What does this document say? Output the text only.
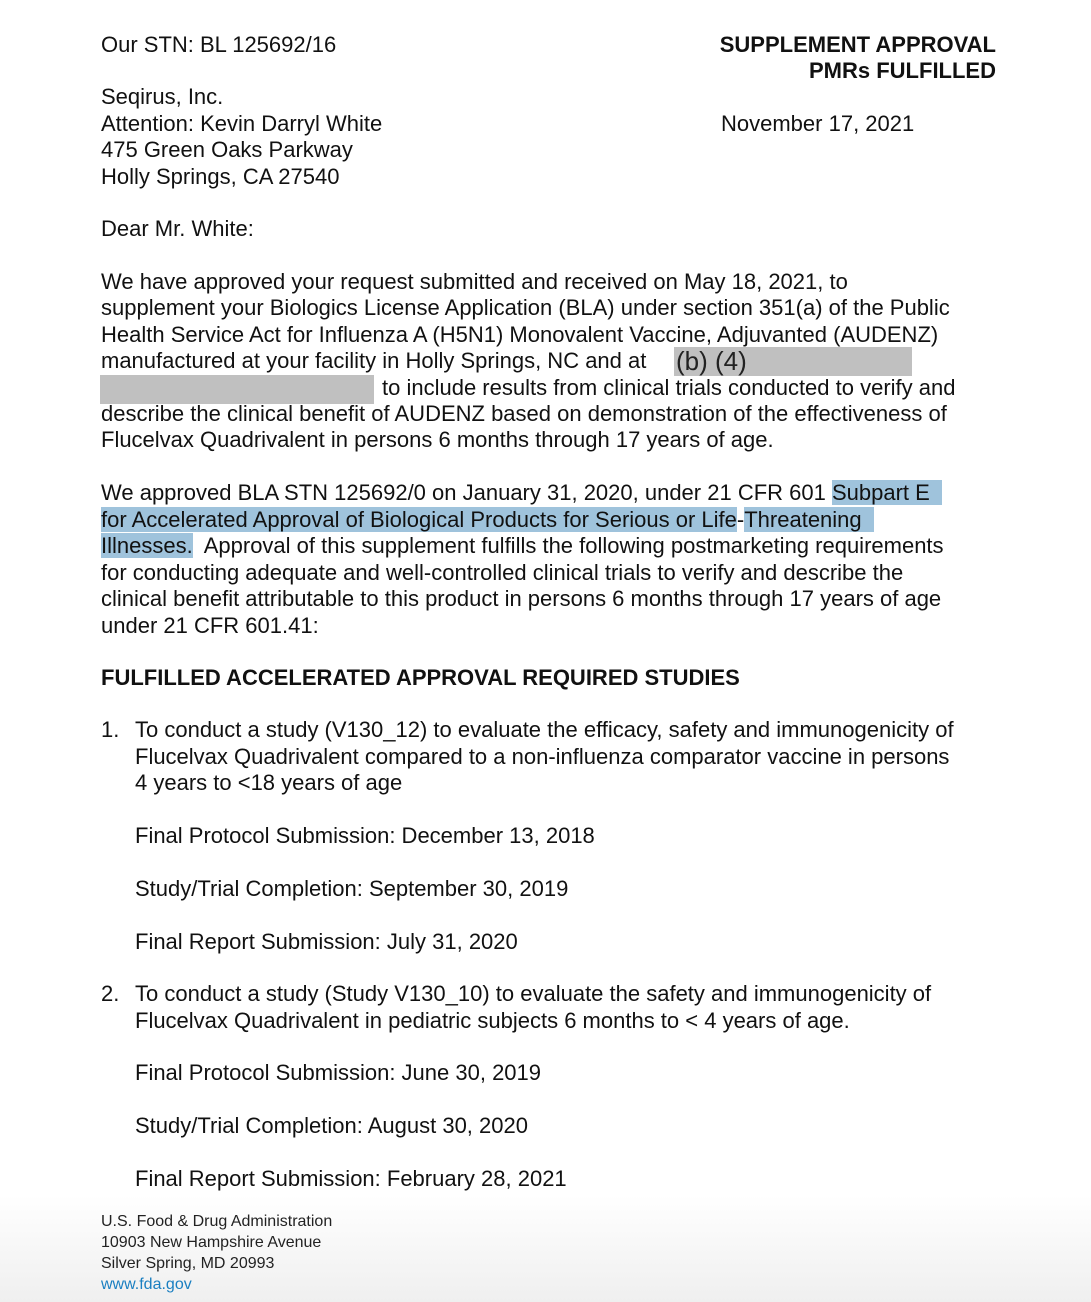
Our STN: BL 125692/16	SUPPLEMENT APPROVAL
PMRs FULFILLED
November 17, 2021
Seqirus, Inc.
Attention: Kevin Darryl White
475 Green Oaks Parkway
Holly Springs, CA 27540
Dear Mr. White:
We have approved your request submitted and received on May 18, 2021, to
supplement your Biologics License Application (BLA) under section 351(a) of the Public
Health Service Act for Influenza A (H5N1) Monovalent Vaccine, Adjuvanted (AUDENZ)
manufactured at your facility in Holly Springs, NC and at (b) (4)
to include results from clinical trials conducted to verify and
describe the clinical benefit of AUDENZ based on demonstration of the effectiveness of
Flucelvax Quadrivalent in persons 6 months through 17 years of age.
We approved BLA STN 125692/0 on January 31, 2020, under 21 CFR 601 Subpart E
for Accelerated Approval of Biological Products for Serious or Life-Threatening
Illnesses.  Approval of this supplement fulfills the following postmarketing requirements
for conducting adequate and well-controlled clinical trials to verify and describe the
clinical benefit attributable to this product in persons 6 months through 17 years of age
under 21 CFR 601.41:
FULFILLED ACCELERATED APPROVAL REQUIRED STUDIES
1. To conduct a study (V130_12) to evaluate the efficacy, safety and immunogenicity of
Flucelvax Quadrivalent compared to a non-influenza comparator vaccine in persons
4 years to <18 years of age
Final Protocol Submission: December 13, 2018
Study/Trial Completion: September 30, 2019
Final Report Submission: July 31, 2020
2. To conduct a study (Study V130_10) to evaluate the safety and immunogenicity of
Flucelvax Quadrivalent in pediatric subjects 6 months to < 4 years of age.
Final Protocol Submission: June 30, 2019
Study/Trial Completion: August 30, 2020
Final Report Submission: February 28, 2021
U.S. Food & Drug Administration
10903 New Hampshire Avenue
Silver Spring, MD 20993
www.fda.gov
